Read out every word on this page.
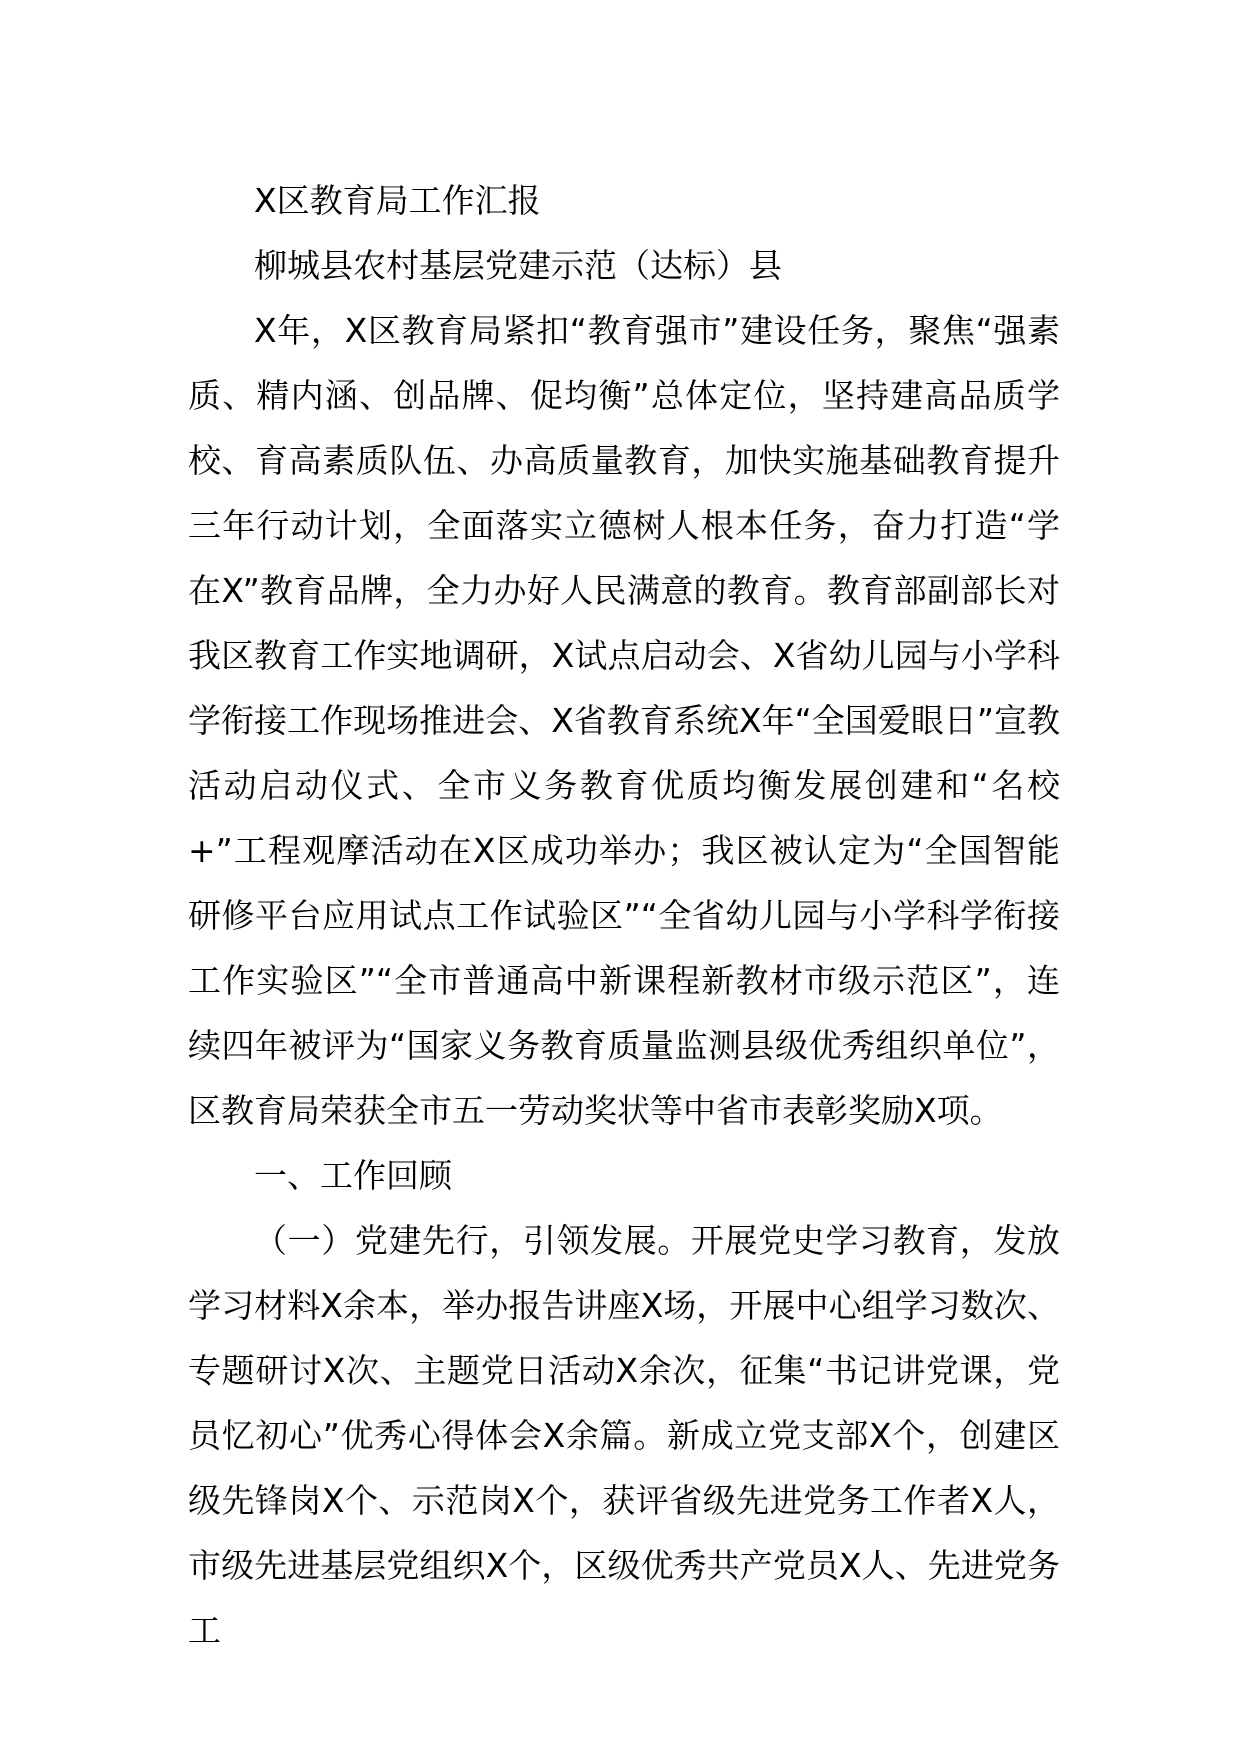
X区教育局工作汇报

柳城县农村基层党建示范（达标）县

X年，X区教育局紧扣“教育强市”建设任务，聚焦“强素质、精内涵、创品牌、促均衡”总体定位，坚持建高品质学校、育高素质队伍、办高质量教育，加快实施基础教育提升三年行动计划，全面落实立德树人根本任务，奋力打造“学在X”教育品牌，全力办好人民满意的教育。教育部副部长对我区教育工作实地调研，X试点启动会、X省幼儿园与小学科学衔接工作现场推进会、X省教育系统X年“全国爱眼日”宣教活动启动仪式、全市义务教育优质均衡发展创建和“名校+”工程观摩活动在X区成功举办；我区被认定为“全国智能研修平台应用试点工作试验区”“全省幼儿园与小学科学衔接工作实验区”“全市普通高中新课程新教材市级示范区”，连续四年被评为“国家义务教育质量监测县级优秀组织单位”，区教育局荣获全市五一劳动奖状等中省市表彰奖励X项。

一、工作回顾

（一）党建先行，引领发展。开展党史学习教育，发放学习材料X余本，举办报告讲座X场，开展中心组学习数次、专题研讨X次、主题党日活动X余次，征集“书记讲党课，党员忆初心”优秀心得体会X余篇。新成立党支部X个，创建区级先锋岗X个、示范岗X个，获评省级先进党务工作者X人，市级先进基层党组织X个，区级优秀共产党员X人、先进党务工
